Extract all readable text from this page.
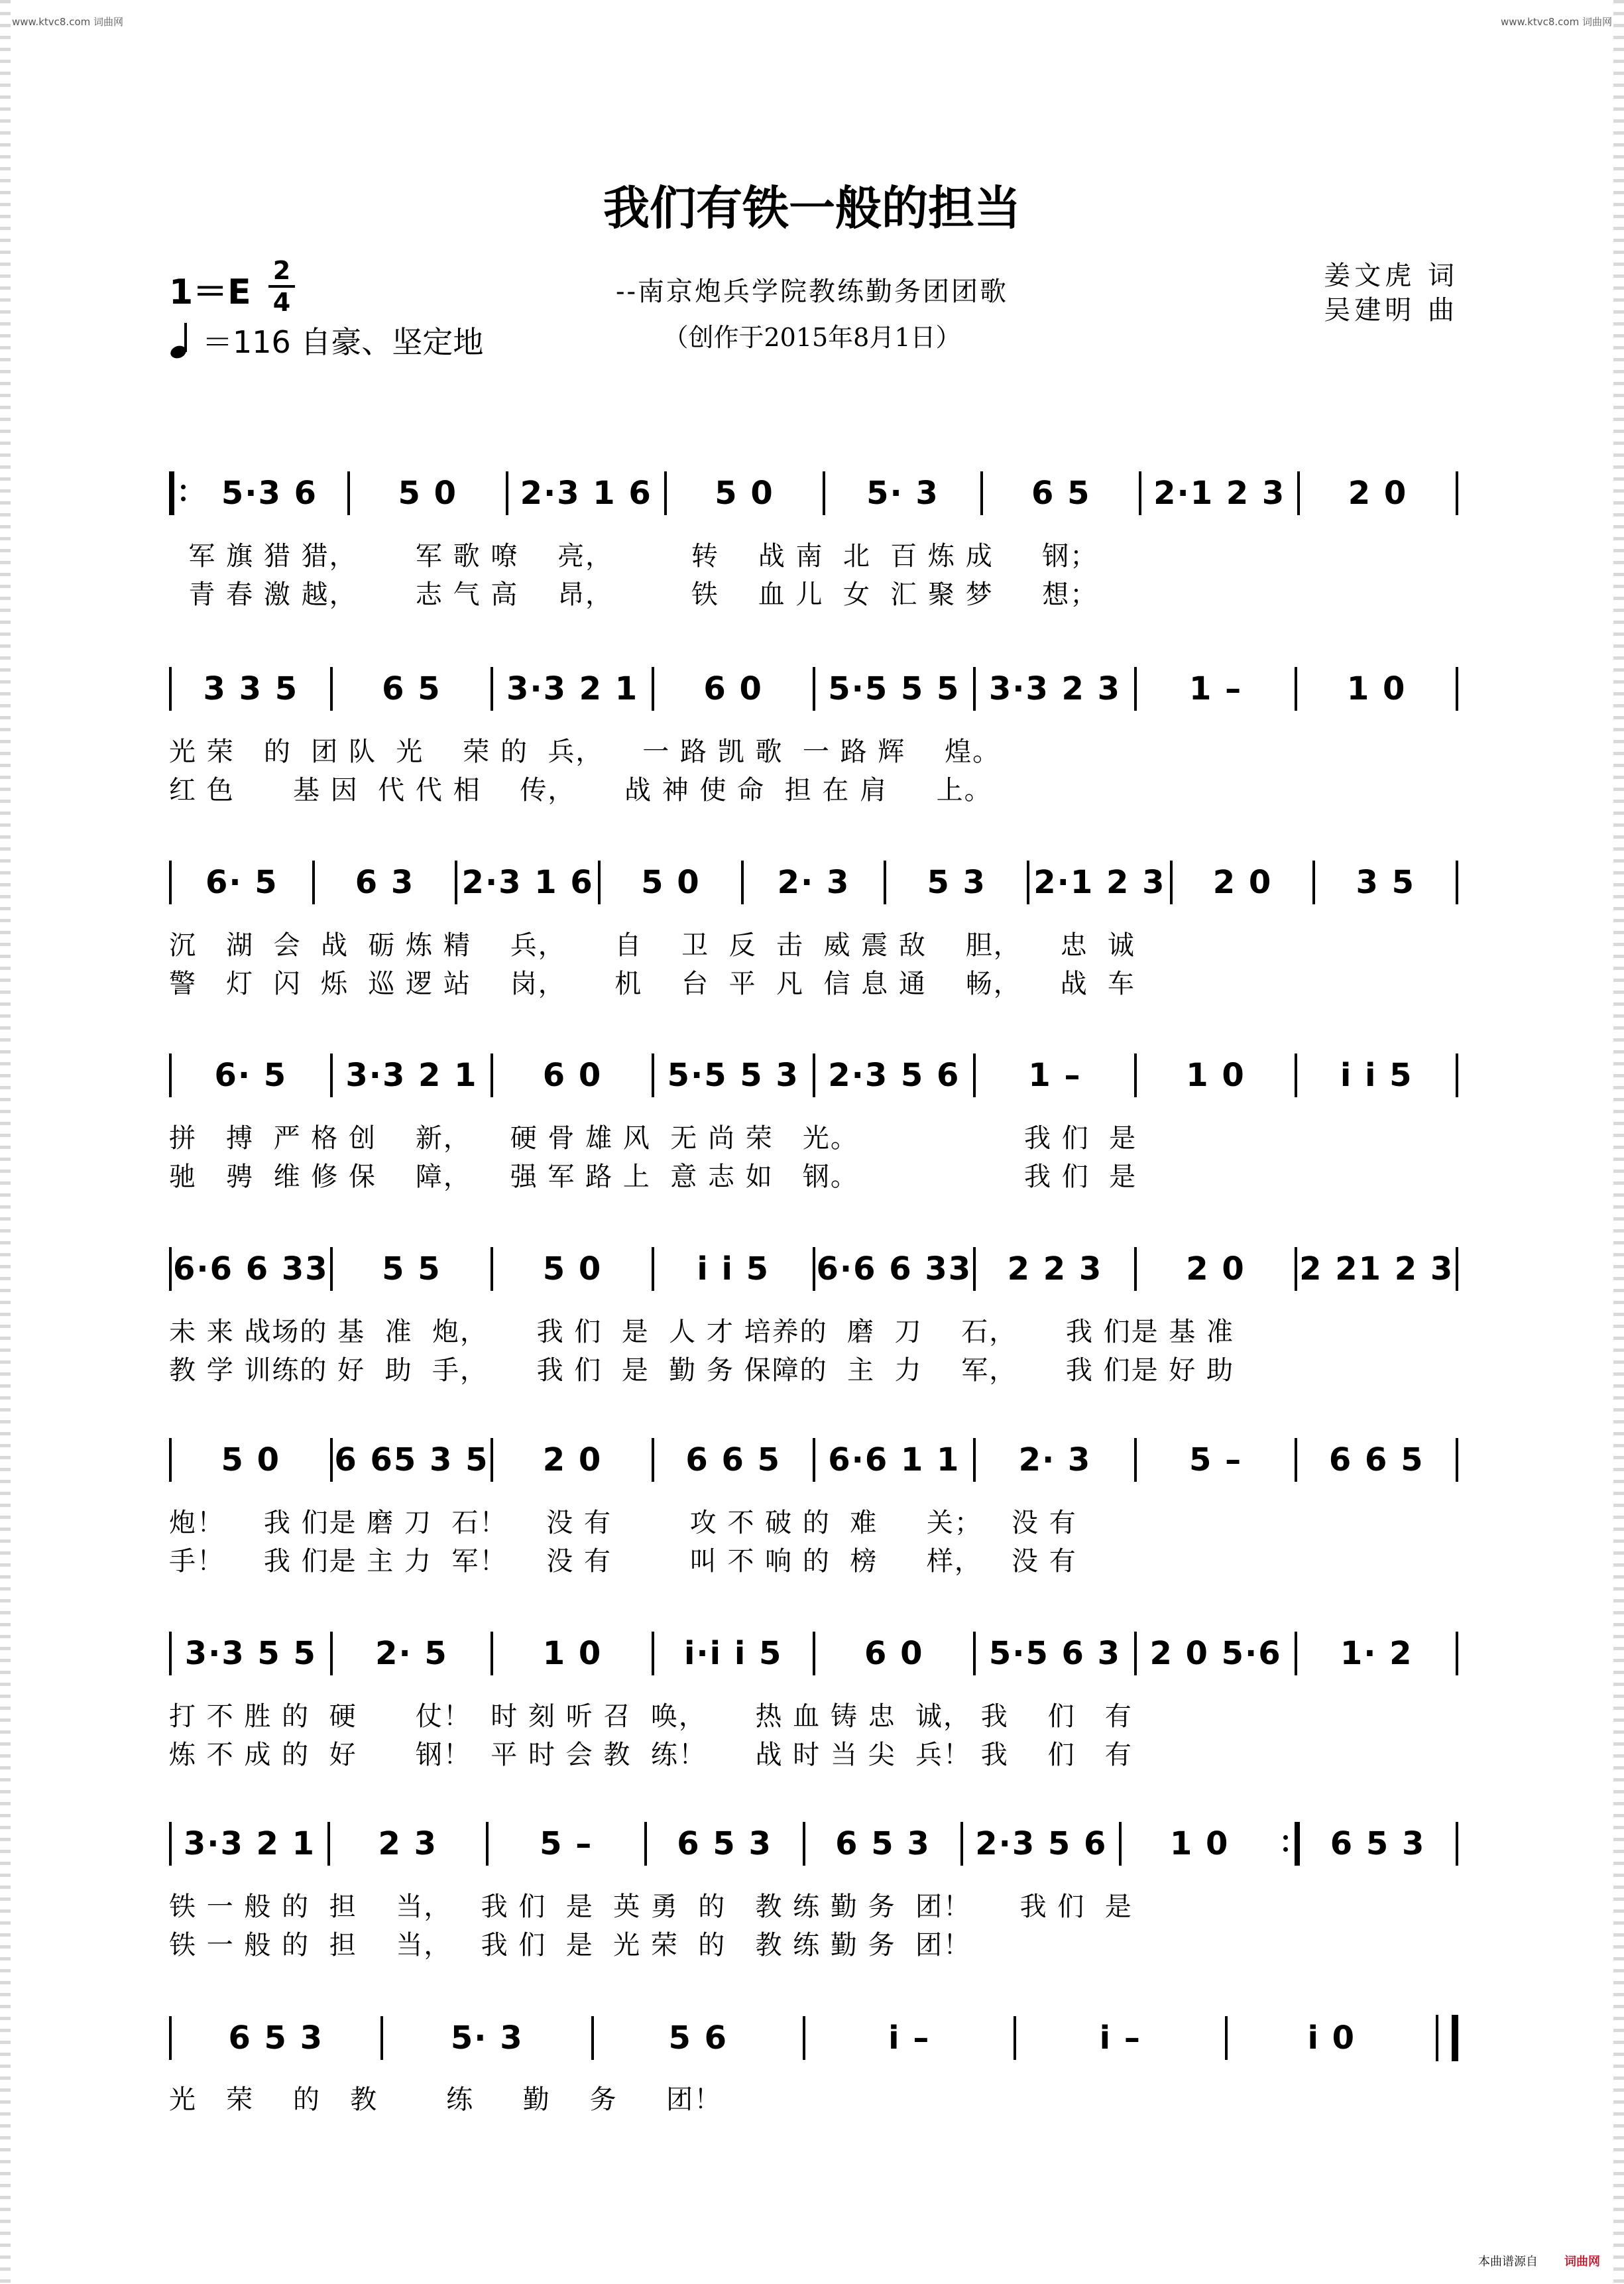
www.ktvc8.com 词曲网	www.ktvc8.com 词曲网
我们有铁一般的担当
1＝E
2
4
＝116 自豪、坚定地
--南京炮兵学院教练勤务团团歌
（创作于2015年8月1日）
姜文虎 词
吴建明 曲
5·3 6	5 0	2·3 1 6	5 0	5· 3	6 5	2·1 2 3	2 0
军 旗 猎 猎，      军 歌 嘹    亮，        转    战 南  北  百 炼 成     钢；
青 春 激 越，      志 气 高    昂，        铁    血 儿  女  汇 聚 梦     想；
3 3 5	6 5	3·3 2 1	6 0	5·5 5 5 3·3 2 3	1 –	1 0
光 荣   的  团 队  光    荣 的  兵，    一 路 凯 歌  一 路 辉    煌。
红 色      基 因  代 代 相    传，     战 神 使 命  担 在 肩     上。
6· 5	6 3	2·3 1 6	5 0	2· 3	5 3	2·1 2 3	2 0	3 5
沉   湖  会  战  砺 炼 精    兵，     自    卫  反  击  威 震 敌    胆，    忠  诚
警   灯  闪  烁  巡 逻 站    岗，     机    台  平  凡  信 息 通    畅，    战  车
6· 5	3·3 2 1	6 0	5·5 5 3 2·3 5 6	1 –	1 0	i i 5
拼   搏  严 格 创    新，    硬 骨 雄 风  无 尚 荣   光。                 我 们  是
驰   骋  维 修 保    障，    强 军 路 上  意 志 如   钢。                 我 们  是
6·6 6 33	5 5	5 0	i i 5	6·6 6 33	2 2 3	2 0	2 21 2 3
未 来 战场的 基  准  炮，     我 们  是  人 才 培养的  磨  刀    石，     我 们是 基 准
教 学 训练的 好  助  手，     我 们  是  勤 务 保障的  主  力    军，     我 们是 好 助
5 0	6 65 3 5	2 0	6 6 5	6·6 1 1	2· 3	5 –	6 6 5
炮！    我 们是 磨 刀  石！    没 有        攻 不 破 的  难     关；   没 有
手！    我 们是 主 力  军！    没 有        叫 不 响 的  榜     样，   没 有
3·3 5 5	2· 5	1 0	i·i i 5	6 0	5·5 6 3 2 0 5·6	1· 2
打 不 胜 的  硬      仗！  时 刻 听 召  唤，     热 血 铸 忠  诚， 我    们   有
炼 不 成 的  好      钢！  平 时 会 教  练！     战 时 当 尖  兵！ 我    们   有
3·3 2 1	2 3	5 –	6 5 3	6 5 3	2·3 5 6	1 0	6 5 3
铁 一 般 的  担    当，   我 们  是  英 勇  的   教 练 勤 务  团！     我 们  是
铁 一 般 的  担    当，   我 们  是  光 荣  的   教 练 勤 务  团！
6 5 3	5· 3	5 6	i –	i –	i 0
光   荣    的   教       练     勤    务     团！
本曲谱源自 词曲网
